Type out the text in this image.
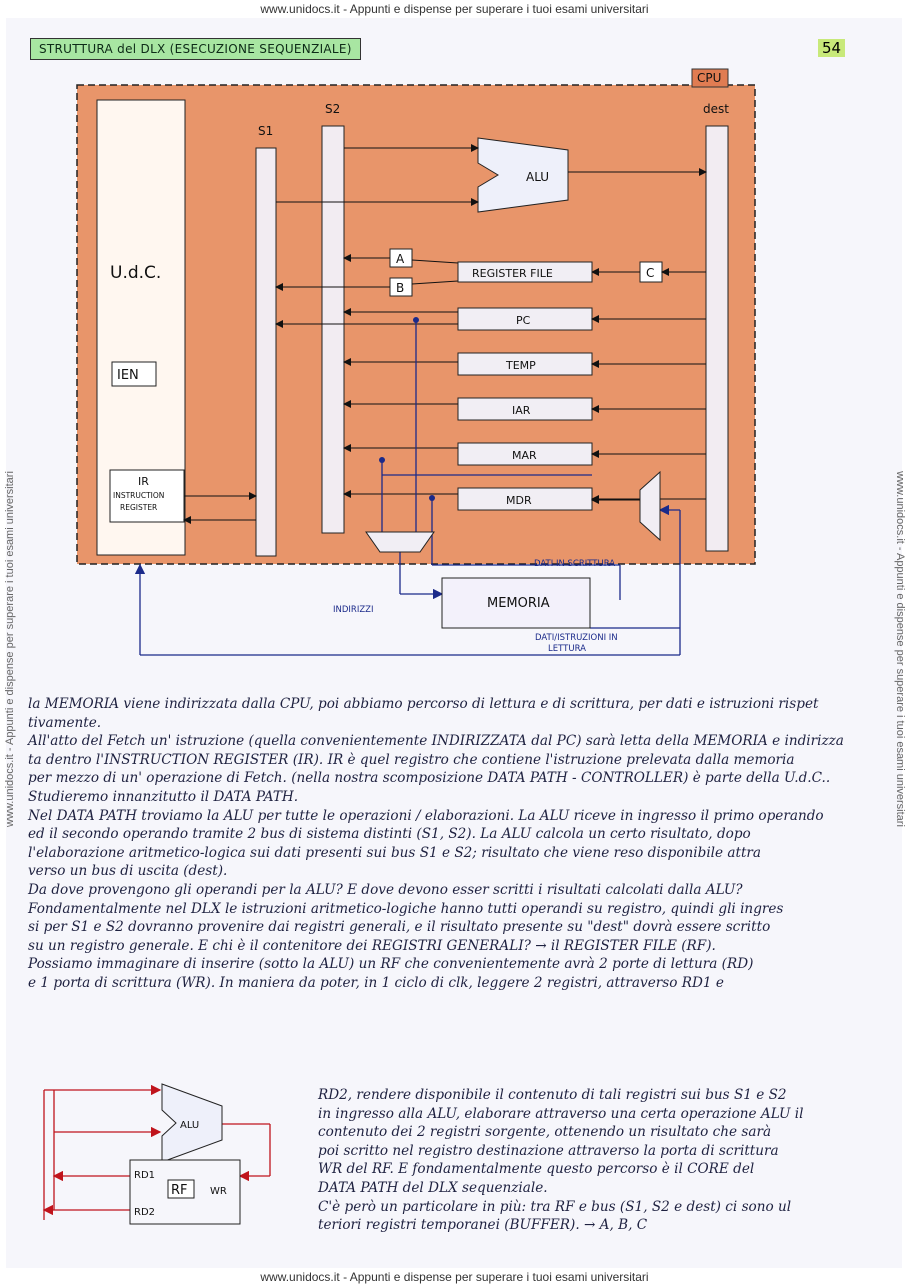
www.unidocs.it - Appunti e dispense per superare i tuoi esami universitari
www.unidocs.it - Appunti e dispense per superare i tuoi esami universitari
www.unidocs.it - Appunti e dispense per superare i tuoi esami universitari	www.unidocs.it - Appunti e dispense per superare i tuoi esami universitari
STRUTTURA del DLX (ESECUZIONE SEQUENZIALE)	54
CPU
U.d.C.
IEN
IR
INSTRUCTION
REGISTER
S1
S2	dest
ALU
A
B
C
REGISTER FILE
PC
TEMP
IAR
MAR
MDR
MEMORIA
DATI IN SCRITTURA
INDIRIZZI
DATI/ISTRUZIONI IN
LETTURA
la MEMORIA viene indirizzata dalla CPU, poi abbiamo percorso di lettura e di scrittura, per dati e istruzioni rispet
tivamente.
All'atto del Fetch un' istruzione (quella convenientemente INDIRIZZATA dal PC) sarà letta della MEMORIA e indirizza
ta dentro l'INSTRUCTION REGISTER (IR). IR è quel registro che contiene l'istruzione prelevata dalla memoria
per mezzo di un' operazione di Fetch. (nella nostra scomposizione DATA PATH - CONTROLLER) è parte della U.d.C..
Studieremo innanzitutto il DATA PATH.
Nel DATA PATH troviamo la ALU per tutte le operazioni / elaborazioni. La ALU riceve in ingresso il primo operando
ed il secondo operando tramite 2 bus di sistema distinti (S1, S2). La ALU calcola un certo risultato, dopo
l'elaborazione aritmetico-logica sui dati presenti sui bus S1 e S2; risultato che viene reso disponibile attra
verso un bus di uscita (dest).
Da dove provengono gli operandi per la ALU? E dove devono esser scritti i risultati calcolati dalla ALU?
Fondamentalmente nel DLX le istruzioni aritmetico-logiche hanno tutti operandi su registro, quindi gli ingres
si per S1 e S2 dovranno provenire dai registri generali, e il risultato presente su "dest" dovrà essere scritto
su un registro generale. E chi è il contenitore dei REGISTRI GENERALI? → il REGISTER FILE (RF).
Possiamo immaginare di inserire (sotto la ALU) un RF che convenientemente avrà 2 porte di lettura (RD)
e 1 porta di scrittura (WR). In maniera da poter, in 1 ciclo di clk, leggere 2 registri, attraverso RD1 e
RD2, rendere disponibile il contenuto di tali registri sui bus S1 e S2
in ingresso alla ALU, elaborare attraverso una certa operazione ALU il
contenuto dei 2 registri sorgente, ottenendo un risultato che sarà
poi scritto nel registro destinazione attraverso la porta di scrittura
WR del RF. E fondamentalmente questo percorso è il CORE del
DATA PATH del DLX sequenziale.
C'è però un particolare in più: tra RF e bus (S1, S2 e dest) ci sono ul
teriori registri temporanei (BUFFER). → A, B, C
ALU
RF
RD1
RD2
WR
